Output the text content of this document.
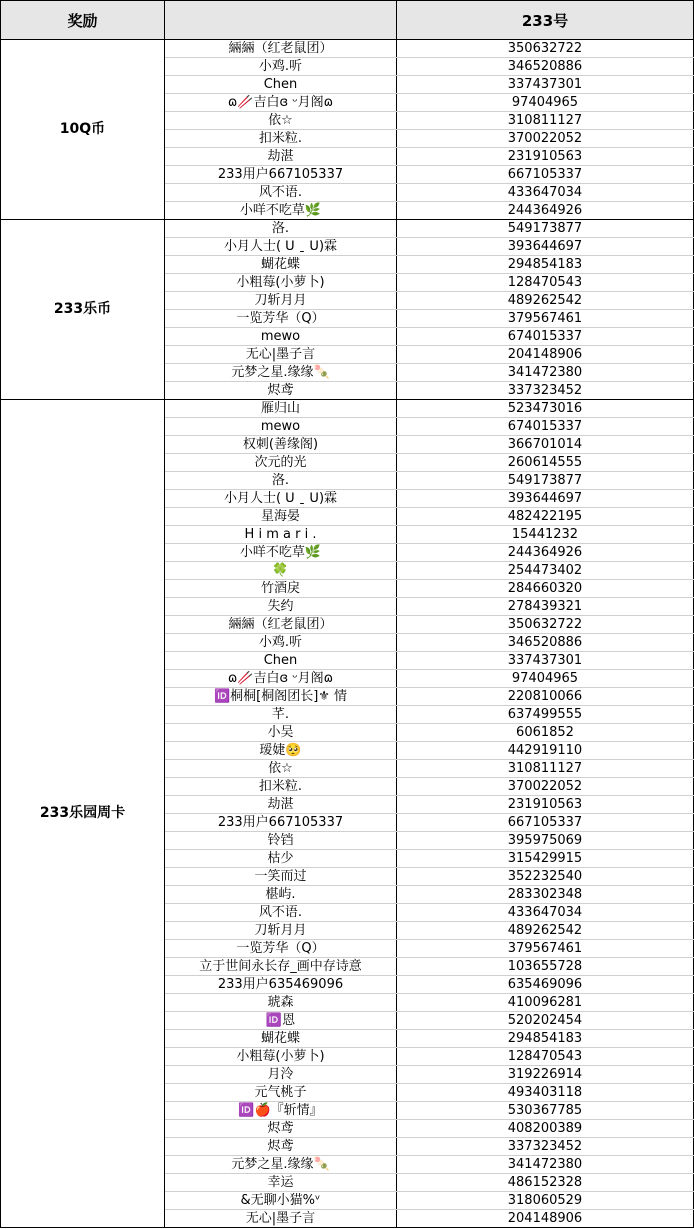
奖励		233号
10Q币	緉緉（红老鼠团）	350632722
	小鸡.听	346520886
	Chen	337437301
	ɷ🥢吉白ɞ ᵕ月阁ɷ	97404965
	依☆	310811127
	扣米粒.	370022052
	劫湛	231910563
	233用户667105337	667105337
	风不语.	433647034
	小咩不吃草🌿	244364926
233乐币	洛.	549173877
	小月人士( ᑌ ˍ ᑌ)霖	393644697
	蝴花蝶	294854183
	小粗莓(小萝卜)	128470543
	刀斩月月	489262542
	一览芳华（Q）	379567461
	mewo	674015337
	无心|墨子言	204148906
	元梦之星.缘缘🍡	341472380
	烬鸢	337323452
233乐园周卡	雁归山	523473016
	mewo	674015337
	权刺(善缘阁)	366701014
	次元的光	260614555
	洛.	549173877
	小月人士( ᑌ ˍ ᑌ)霖	393644697
	星海晏	482422195
	H i m a r i .	15441232
	小咩不吃草🌿	244364926
	🍀	254473402
	竹酒戾	284660320
	失约	278439321
	緉緉（红老鼠团）	350632722
	小鸡.听	346520886
	Chen	337437301
	ɷ🥢吉白ɞ ᵕ月阁ɷ	97404965
	🆔桐桐[桐阁团长]⚜ 情	220810066
	芊.	637499555
	小吴	6061852
	瑷婕🥺	442919110
	依☆	310811127
	扣米粒.	370022052
	劫湛	231910563
	233用户667105337	667105337
	铃铛	395975069
	枯少	315429915
	一笑而过	352232540
	椹屿.	283302348
	风不语.	433647034
	刀斩月月	489262542
	一览芳华（Q）	379567461
	立于世间永长存_画中存诗意	103655728
	233用户635469096	635469096
	琥森	410096281
	🆔恩	520202454
	蝴花蝶	294854183
	小粗莓(小萝卜)	128470543
	月泠	319226914
	元气桃子	493403118
	🆔🍎『斩情』	530367785
	烬鸢	408200389
	烬鸢	337323452
	元梦之星.缘缘🍡	341472380
	幸运	486152328
	&无聊小猫%ᵛ	318060529
	无心|墨子言	204148906
